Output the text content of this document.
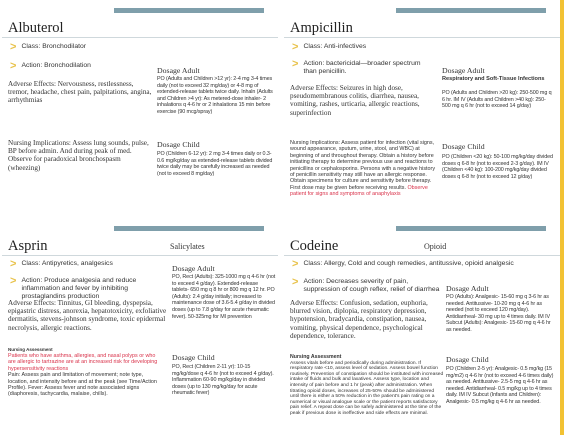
Albuterol
> Class: Bronchodilator
> Action: Bronchodilation
Adverse Effects: Nervousness, restlessness, tremor, headache, chest pain, palpitations, angina, arrhythmias
Nursing Implications: Assess lung sounds, pulse, BP before admin. And during peak of med. Observe for paradoxical bronchospasm (wheezing)
Dosage Adult
PO (Adults and Children >12 yr): 2-4 mg 3-4 times daily (not to exceed 32 mg/day) or 4-8 mg of extended-release tablets twice daily. Inhaln (Adults and Children >4 yr): As metered-dose inhaler- 2 inhalations q 4-6 hr or 2 inhalations 15 min before exercise (90 mcg/spray)
Dosage Child
PO (Children 6-12 yr): 2 mg 3-4 times daily or 0.3-0.6 mg/kg/day as extended-release tablets divided twice daily may be carefully increased as needed (not to exceed 8 mg/day)
Ampicillin
> Class: Anti-infectives
> Action: bactericidal—broader spectrum than penicillin.
Adverse Effects: Seizures in high dose, pseudomembranous colitis, diarrhea, nausea, vomiting, rashes, urticaria, allergic reactions, superinfection
Nursing Implications: Assess patient for infection (vital signs, wound appearance, sputum, urine, stool, and WBC) at beginning of and throughout therapy. Obtain a history before initiating therapy to determine previous use and reactions to penicillins or cephalosporins. Persons with a negative history of penicillin sensitivity may still have an allergic response. Obtain specimens for culture and sensitivity before therapy. First dose may be given before receiving results. Observe patient for signs and symptoms of anaphylaxis
Dosage Adult
Respiratory and Soft-Tissue Infections
PO (Adults and Children >20 kg): 250-500 mg q 6 hr. IM IV (Adults and Children >40 kg): 250-500 mg q 6 hr (not to exceed 14 g/day)
Dosage Child
PO (Children <20 kg): 50-100 mg/kg/day divided doses q 6-8 hr (not to exceed 2-3 g/day). IM IV (Children <40 kg): 100-200 mg/kg/day divided doses q 6-8 hr (not to exceed 12 g/day)
Asprin	Salicylates
> Class: Antipyretics, analgesics
> Action: Produce analgesia and reduce inflammation and fever by inhibiting prostaglandins production
Adverse Effects: Tinnitus, GI bleeding, dyspepsia, epigastric distress, anorexia, hepatotoxicity, exfoliative dermatitis, stevens-johnson syndrome, toxic epidermal necrolysis, allergic reactions.
Nursing Assessment
Patients who have asthma, allergies, and nasal polyps or who are allergic to tartrazine are at an increased risk for developing hypersensitivity reactions
Pain: Assess pain and limitation of movement; note type, location, and intensity before and at the peak (see Time/Action Profile). Fever: Assess fever and note associated signs (diaphoresis, tachycardia, malaise, chills).
Dosage Adult
PO, Rect (Adults): 325-1000 mg q 4-6 hr (not to exceed 4 g/day). Extended-release tablets- 650 mg q 8 hr or 800 mg q 12 hr. PO (Adults): 2.4 g/day initially; increased to maintenance dose of 3.6-5.4 g/day in divided doses (up to 7.8 g/day for acute rheumatic fever). 50-325mg for MI prevention
Dosage Child
PO, Rect (Children 2-11 yr): 10-15 mg/kg/dose q 4-6 hr (not to exceed 4 g/day). Inflammation 60-90 mg/kg/day in divided doses (up to 130 mg/kg/day for acute rheumatic fever)
Codeine	Opioid
> Class: Allergy, Cold and cough remedies, antitussive, opioid analgesic
> Action: Decreases severity of pain, suppression of cough reflex, relief of diarrhea
Adverse Effects: Confusion, sedation, euphoria, blurred vision, diplopia, respiratory depression, hypotension, bradycardia, constipation, nausea, vomiting, physical dependence, psychological dependence, tolerance.
Nursing Assessment
Assess vitals before and periodically during administration. If respiratory rate <10, assess level of sedation. Assess bowel function routinely. Prevention of constipation should be instituted with increased intake of fluids and bulk and laxatives. Assess type, location and intensity of pain before and 1 hr (peak) after administration. When titrating opioid doses, increases of 25-50% should be administered until there is either a 50% reduction in the patient's pain rating on a numerical or visual analogue scale or the patient reports satisfactory pain relief. A repeat dose can be safely administered at the time of the peak if previous dose is ineffective and side effects are minimal.
Dosage Adult
PO (Adults): Analgesic- 15-60 mg q 3-6 hr as needed. Antitussive- 10-20 mg q 4-6 hr as needed (not to exceed 120 mg/day). Antidiarrheal- 30 mg up to 4 times daily. IM IV Subcut (Adults): Analgesic- 15-60 mg q 4-6 hr as needed.
Dosage Child
PO (Children 2-5 yr): Analgesic- 0.5 mg/kg (15 mg/m2) q 4-6 hr (not to exceed 4-6 times daily) as needed. Antitussive- 2.5-5 mg q 4-6 hr as needed. Antidiarrheal- 0.5 mg/kg up to 4 times daily. IM IV Subcut (Infants and Children): Analgesic- 0.5 mg/kg q 4-6 hr as needed.
